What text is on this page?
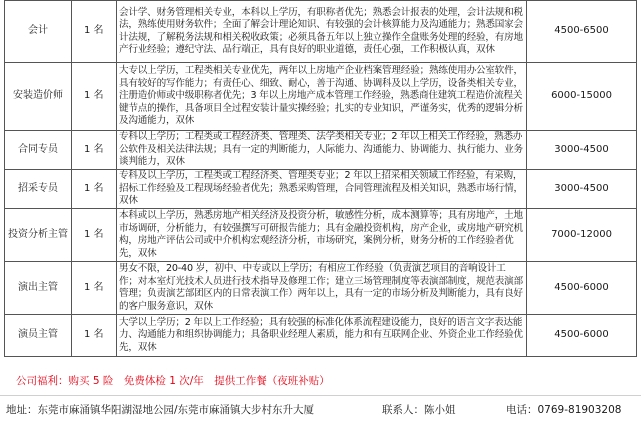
会计	1 名	会计学、财务管理相关专业，本科以上学历，有职称者优先；熟悉会计报表的处理，会计法规和税法，熟练使用财务软件；全面了解会计理论知识、有较强的会计核算能力及沟通能力；熟悉国家会计法规，了解税务法规和相关税收政策；必须具备五年以上独立操作全盘账务处理的经验，有房地产行业经验；遵纪守法、品行端正，具有良好的职业道德，责任心强，工作积极认真，双休	4500-6500
安装造价师	1 名	大专以上学历，工程类相关专业优先，两年以上房地产企业档案管理经验；熟练使用办公室软件，具有较好的写作能力；有责任心、细致、耐心，善于沟通、协调科及以上学历，设备类相关专业，注册造价师或中级职称者优先；3 年以上房地产成本管理工作经验，熟悉商住建筑工程造价流程关键节点的操作，具备项目全过程安装计量实操经验；扎实的专业知识，严谨务实，优秀的逻辑分析及沟通能力，双休	6000-15000
合同专员	1 名	专科以上学历；工程类或工程经济类、管理类、法学类相关专业；2 年以上相关工作经验，熟悉办公软件及相关法律法规；具有一定的判断能力，人际能力、沟通能力、协调能力、执行能力、业务谈判能力，双休	3000-4500
招采专员	1 名	专科及以上学历，工程类或工程经济类、管理类专业；2 年以上招采相关领域工作经验，有采购，招标工作经验及工程现场经验者优先；熟悉采购管理，合同管理流程及相关知识，熟悉市场行情，双休	3000-4500
投资分析主管	1 名	本科或以上学历，熟悉房地产相关经济及投资分析，敏感性分析，成本测算等；具有房地产，土地市场调研，分析能力，有较强撰写可研报告能力；具有金融投资机构，房产企业，或房地产研究机构，房地产评估公司或中介机构宏观经济分析，市场研究，案例分析，财务分析的工作经验者优先，双休	7000-12000
演出主管	1 名	男女不限，20-40 岁，初中、中专或以上学历；有相应工作经验（负责演艺项目的音响设计工作；对本室灯光技术人员进行技术指导及修理工作；建立三场管理制度等表演部制度，规范表演部管理；负责演艺部团区内的日常表演工作）两年以上，具有一定的市场分析及判断能力，具有良好的客户服务意识，双休	4500-6000
演员主管	1 名	大学以上学历；2 年以上工作经验；具有较强的标准化体系流程建设能力，良好的语言文字表达能力、沟通能力和组织协调能力；具备职业经理人素质，能力和有互联网企业、外资企业工作经验优先，双休	4500-6000
公司福利：购买 5 险　免费体检 1 次/年　提供工作餐（夜班补贴）
地址：东莞市麻涌镇华阳湖湿地公园/东莞市麻涌镇大步村东升大厦	联系人：陈小姐	电话：0769-81903208
